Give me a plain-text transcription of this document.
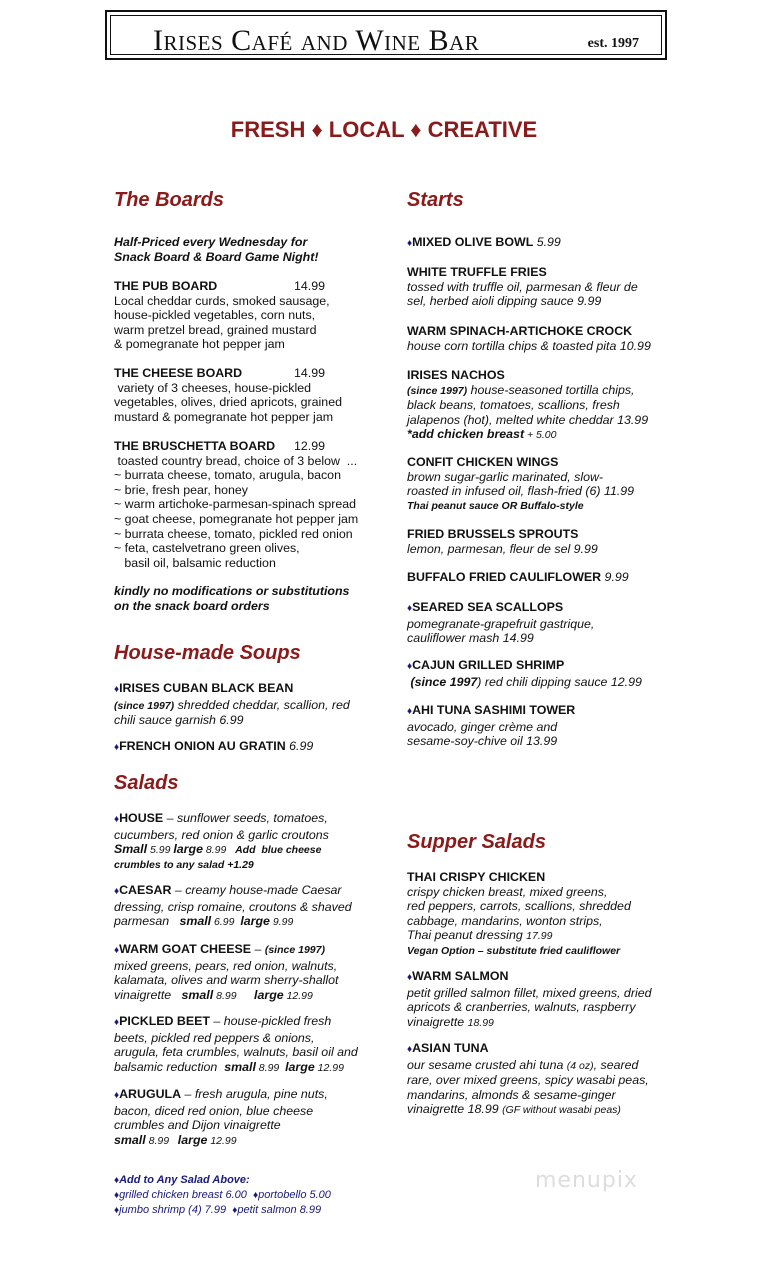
Irises Café and Wine Bar	est. 1997
FRESH ♦ LOCAL ♦ CREATIVE
The Boards
Half-Priced every Wednesday for
Snack Board & Board Game Night!
THE PUB BOARD	14.99
Local cheddar curds, smoked sausage,
house-pickled vegetables, corn nuts,
warm pretzel bread, grained mustard
& pomegranate hot pepper jam
THE CHEESE BOARD	14.99
variety of 3 cheeses, house-pickled
vegetables, olives, dried apricots, grained
mustard & pomegranate hot pepper jam
THE BRUSCHETTA BOARD 12.99
toasted country bread, choice of 3 below  ...
~ burrata cheese, tomato, arugula, bacon
~ brie, fresh pear, honey
~ warm artichoke-parmesan-spinach spread
~ goat cheese, pomegranate hot pepper jam
~ burrata cheese, tomato, pickled red onion
~ feta, castelvetrano green olives,
basil oil, balsamic reduction
kindly no modifications or substitutions
on the snack board orders
House-made Soups
♦IRISES CUBAN BLACK BEAN
(since 1997) shredded cheddar, scallion, red
chili sauce garnish 6.99
♦FRENCH ONION AU GRATIN 6.99
Salads
♦HOUSE – sunflower seeds, tomatoes,
cucumbers, red onion & garlic croutons
Small 5.99 large 8.99   Add  blue cheese
crumbles to any salad +1.29
♦CAESAR – creamy house-made Caesar
dressing, crisp romaine, croutons & shaved
parmesan   small 6.99  large 9.99
♦WARM GOAT CHEESE – (since 1997)
mixed greens, pears, red onion, walnuts,
kalamata, olives and warm sherry-shallot
vinaigrette   small 8.99      large 12.99
♦PICKLED BEET – house-pickled fresh
beets, pickled red peppers & onions,
arugula, feta crumbles, walnuts, basil oil and
balsamic reduction  small 8.99  large 12.99
♦ARUGULA – fresh arugula, pine nuts,
bacon, diced red onion, blue cheese
crumbles and Dijon vinaigrette
small 8.99   large 12.99
♦Add to Any Salad Above:
♦grilled chicken breast 6.00  ♦portobello 5.00
♦jumbo shrimp (4) 7.99  ♦petit salmon 8.99
Starts
♦MIXED OLIVE BOWL 5.99
WHITE TRUFFLE FRIES
tossed with truffle oil, parmesan & fleur de
sel, herbed aioli dipping sauce 9.99
WARM SPINACH-ARTICHOKE CROCK
house corn tortilla chips & toasted pita 10.99
IRISES NACHOS
(since 1997) house-seasoned tortilla chips,
black beans, tomatoes, scallions, fresh
jalapenos (hot), melted white cheddar 13.99
*add chicken breast + 5.00
CONFIT CHICKEN WINGS
brown sugar-garlic marinated, slow-
roasted in infused oil, flash-fried (6) 11.99
Thai peanut sauce OR Buffalo-style
FRIED BRUSSELS SPROUTS
lemon, parmesan, fleur de sel 9.99
BUFFALO FRIED CAULIFLOWER 9.99
♦SEARED SEA SCALLOPS
pomegranate-grapefruit gastrique,
cauliflower mash 14.99
♦CAJUN GRILLED SHRIMP
(since 1997) red chili dipping sauce 12.99
♦AHI TUNA SASHIMI TOWER
avocado, ginger crème and
sesame-soy-chive oil 13.99
Supper Salads
THAI CRISPY CHICKEN
crispy chicken breast, mixed greens,
red peppers, carrots, scallions, shredded
cabbage, mandarins, wonton strips,
Thai peanut dressing 17.99
Vegan Option – substitute fried cauliflower
♦WARM SALMON
petit grilled salmon fillet, mixed greens, dried
apricots & cranberries, walnuts, raspberry
vinaigrette 18.99
♦ASIAN TUNA
our sesame crusted ahi tuna (4 oz), seared
rare, over mixed greens, spicy wasabi peas,
mandarins, almonds & sesame-ginger
vinaigrette 18.99 (GF without wasabi peas)
menupix
